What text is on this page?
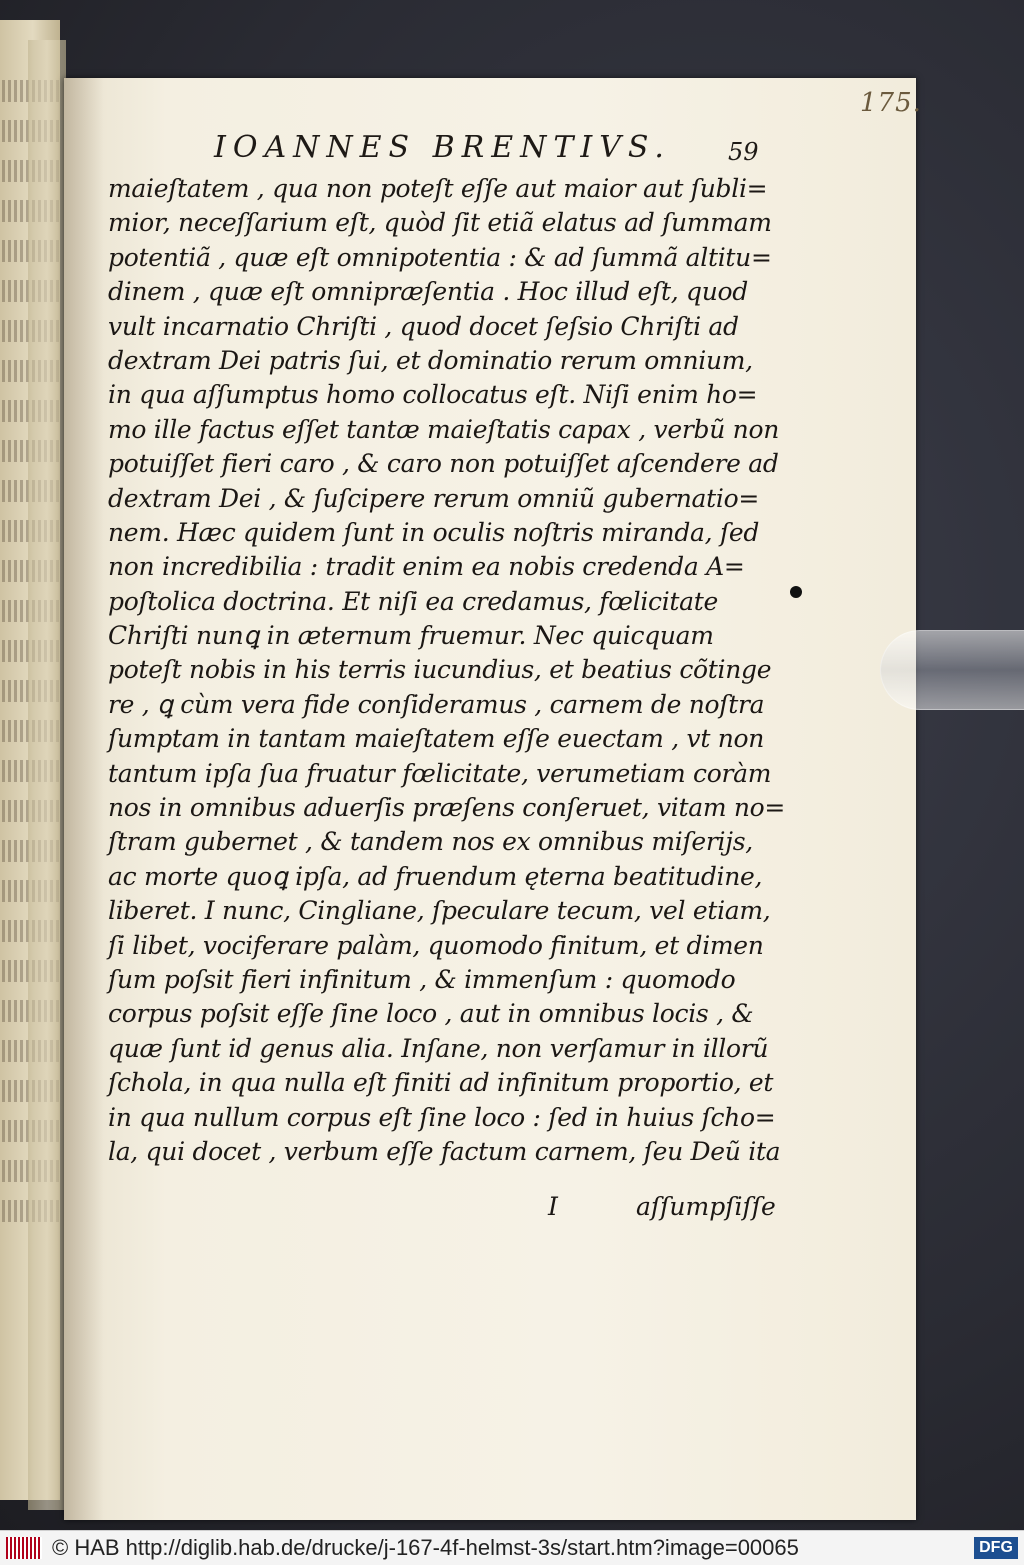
175.
IOANNES BRENTIVS.	59
maieſtatem , qua non poteſt eſſe aut maior aut ſubli=
mior, neceſſarium eſt, quòd ſit etiã elatus ad ſummam
potentiã , quæ eſt omnipotentia : & ad ſummã altitu=
dinem , quæ eſt omnipræſentia . Hoc illud eſt, quod
vult incarnatio Chriſti , quod docet ſeſsio Chriſti ad
dextram Dei patris ſui, et dominatio rerum omnium,
in qua aſſumptus homo collocatus eſt. Niſi enim ho=
mo ille factus eſſet tantæ maieſtatis capax , verbũ non
potuiſſet fieri caro , & caro non potuiſſet aſcendere ad
dextram Dei , & ſuſcipere rerum omniũ gubernatio=
nem. Hæc quidem ſunt in oculis noſtris miranda, ſed
non incredibilia : tradit enim ea nobis credenda A=
poſtolica doctrina. Et niſi ea credamus, fœlicitate
Chriſti nunꝗ in æternum fruemur. Nec quicquam
poteſt nobis in his terris iucundius, et beatius cõtinge
re , ꝗ cùm vera fide conſideramus , carnem de noſtra
ſumptam in tantam maieſtatem eſſe euectam , vt non
tantum ipſa ſua fruatur fœlicitate, verumetiam coràm
nos in omnibus aduerſis præſens conſeruet, vitam no=
ſtram gubernet , & tandem nos ex omnibus miſerijs,
ac morte quoꝗ ipſa, ad fruendum ęterna beatitudine,
liberet. I nunc, Cingliane, ſpeculare tecum, vel etiam,
ſi libet, vociferare palàm, quomodo finitum, et dimen
ſum poſsit fieri infinitum , & immenſum : quomodo
corpus poſsit eſſe ſine loco , aut in omnibus locis , &
quæ ſunt id genus alia. Inſane, non verſamur in illorũ
ſchola, in qua nulla eſt finiti ad infinitum proportio, et
in qua nullum corpus eſt ſine loco : ſed in huius ſcho=
la, qui docet , verbum eſſe factum carnem, ſeu Deũ ita
I	aſſumpſiſſe
© HAB http://diglib.hab.de/drucke/j-167-4f-helmst-3s/start.htm?image=00065	DFG
